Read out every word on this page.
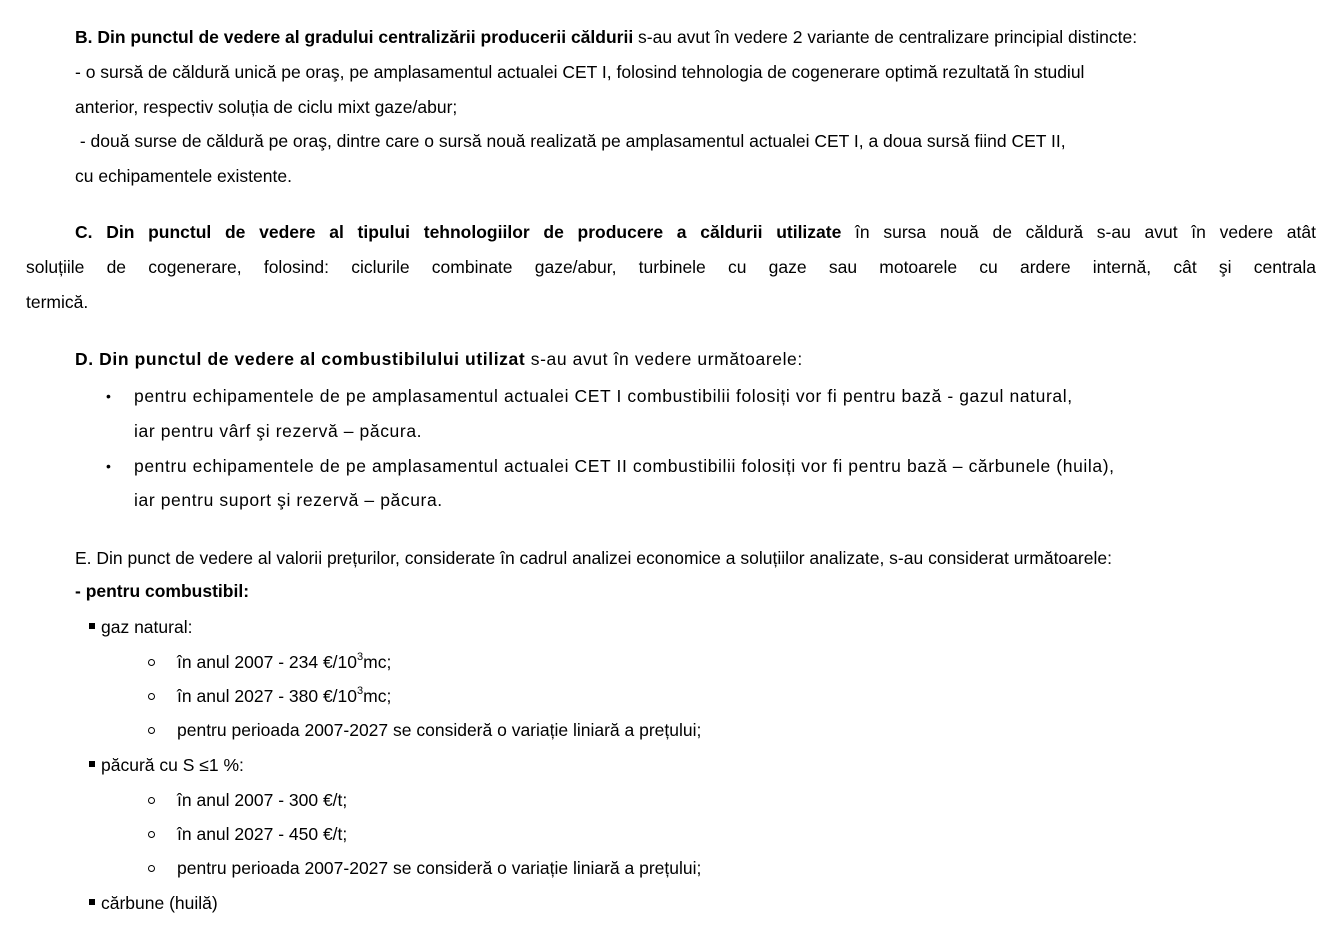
B. Din punctul de vedere al gradului centralizării producerii căldurii s-au avut în vedere 2 variante de centralizare principial distincte:
- o sursă de căldură unică pe oraş, pe amplasamentul actualei CET I, folosind tehnologia de cogenerare optimă rezultată în studiul
anterior, respectiv soluția de ciclu mixt gaze/abur;
- două surse de căldură pe oraş, dintre care o sursă nouă realizată pe amplasamentul actualei CET I, a doua sursă fiind CET II,
cu echipamentele existente.
C. Din punctul de vedere al tipului tehnologiilor de producere a căldurii utilizate în sursa nouă de căldură s-au avut în vedere atât
soluțiile de cogenerare, folosind: ciclurile combinate gaze/abur, turbinele cu gaze sau motoarele cu ardere internă, cât şi centrala
termică.
D. Din punctul de vedere al combustibilului utilizat s-au avut în vedere următoarele:
• pentru echipamentele de pe amplasamentul actualei CET I combustibilii folosiți vor fi pentru bază - gazul natural,
iar pentru vârf şi rezervă – păcura.
• pentru echipamentele de pe amplasamentul actualei CET II combustibilii folosiți vor fi pentru bază – cărbunele (huila),
iar pentru suport şi rezervă – păcura.
E. Din punct de vedere al valorii prețurilor, considerate în cadrul analizei economice a soluțiilor analizate, s-au considerat următoarele:
- pentru combustibil:
gaz natural:
în anul 2007 - 234 $€/10^3mc$;
în anul 2027 - 380 $€/10^3mc$;
pentru perioada 2007-2027 se consideră o variație liniară a prețului;
păcură cu S ≤1 %:
în anul 2007 - 300 €/t;
în anul 2027 - 450 €/t;
pentru perioada 2007-2027 se consideră o variație liniară a prețului;
cărbune (huilă)
